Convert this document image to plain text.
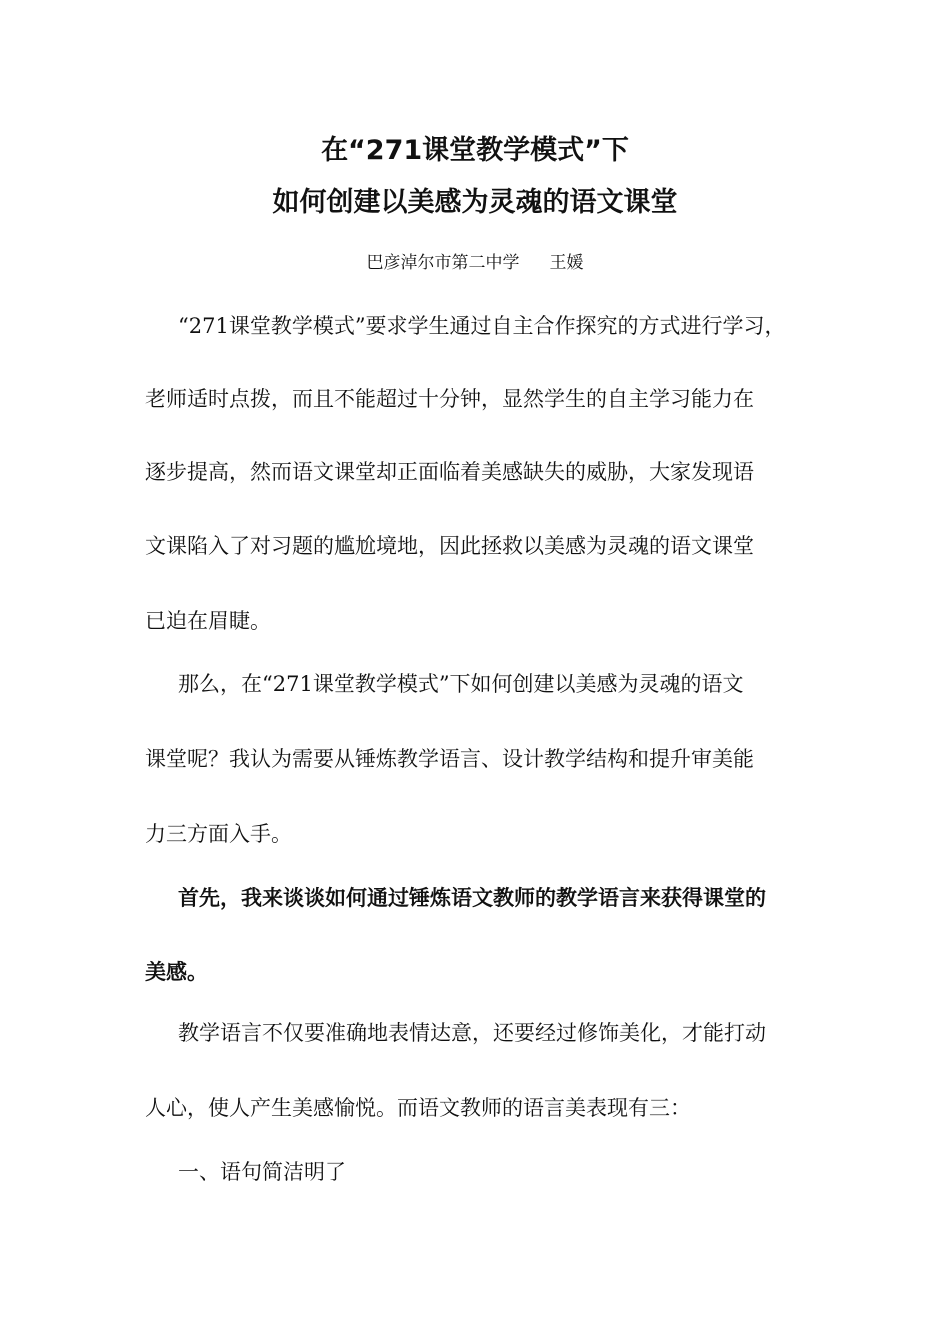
在“271课堂教学模式”下
如何创建以美感为灵魂的语文课堂
巴彦淖尔市第二中学 王媛
“271课堂教学模式”要求学生通过自主合作探究的方式进行学习，
老师适时点拨，而且不能超过十分钟，显然学生的自主学习能力在
逐步提高，然而语文课堂却正面临着美感缺失的威胁，大家发现语
文课陷入了对习题的尴尬境地，因此拯救以美感为灵魂的语文课堂
已迫在眉睫。
那么，在“271课堂教学模式”下如何创建以美感为灵魂的语文
课堂呢？我认为需要从锤炼教学语言、设计教学结构和提升审美能
力三方面入手。
首先，我来谈谈如何通过锤炼语文教师的教学语言来获得课堂的
美感。
教学语言不仅要准确地表情达意，还要经过修饰美化，才能打动
人心，使人产生美感愉悦。而语文教师的语言美表现有三：
一、语句简洁明了
